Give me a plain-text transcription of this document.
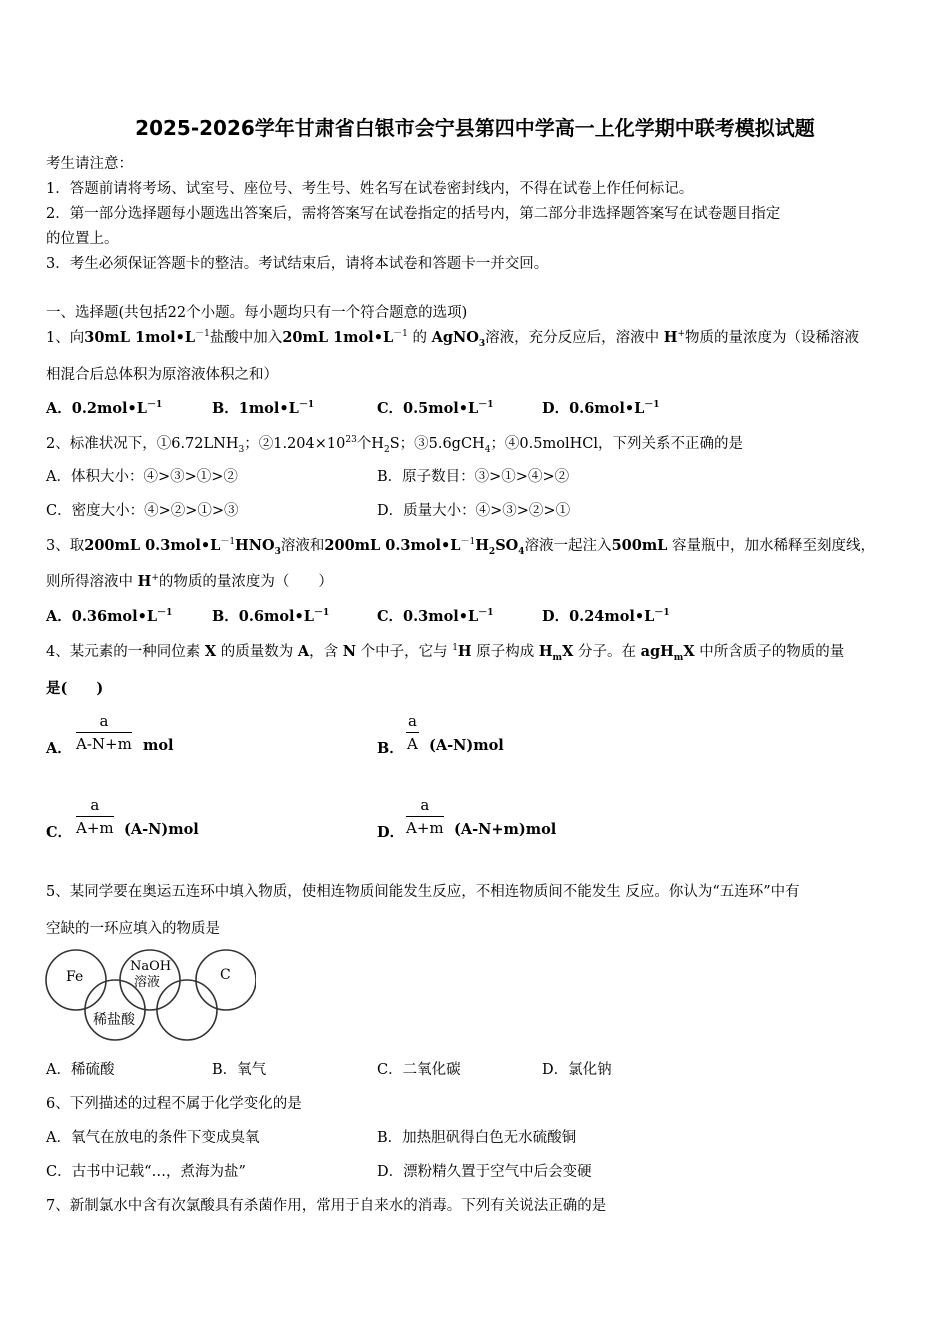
2025-2026学年甘肃省白银市会宁县第四中学高一上化学期中联考模拟试题
考生请注意：
1．答题前请将考场、试室号、座位号、考生号、姓名写在试卷密封线内，不得在试卷上作任何标记。
2．第一部分选择题每小题选出答案后，需将答案写在试卷指定的括号内，第二部分非选择题答案写在试卷题目指定
的位置上。
3．考生必须保证答题卡的整洁。考试结束后，请将本试卷和答题卡一并交回。
一、选择题(共包括22个小题。每小题均只有一个符合题意的选项)
1、向30mL $1mol•L^{-1}$盐酸中加入20mL $1mol•L^{-1}$ 的 AgNO$_3$溶液，充分反应后，溶液中 H+物质的量浓度为（设稀溶液
相混合后总体积为原溶液体积之和）
A．$0.2mol•L^{-1}$	B．$1mol•L^{-1}$	C．$0.5mol•L^{-1}$	D．$0.6mol•L^{-1}$
2、标准状况下，$①6.72LNH_3$；$②1.204\times 10^{23}$个$H_2S$；③5.6gCH$_4$；④0.5molHCl，下列关系不正确的是
A．体积大小：④>③>①>②	B．原子数目：③>①>④>②
C．密度大小：④>②>①>③	D．质量大小：④>③>②>①
3、取200mL $0.3mol•L^{-1}HNO_3$溶液和200mL $0.3mol•L^{-1}H_2SO_4$溶液一起注入500mL 容量瓶中，加水稀释至刻度线，
则所得溶液中 H+的物质的量浓度为（　　）
A．$0.36mol•L^{-1}$	B．$0.6mol•L^{-1}$	C．$0.3mol•L^{-1}$	D．$0.24mol•L^{-1}$
4、某元素的一种同位素 X 的质量数为 A，含 N 个中子，它与 $^1$H 原子构成 $H_mX$ 分子。在 agH$_m$X 中所含质子的物质的量
是(　　)
A． $\frac{a}{A-N+m}$ mol	B． $\frac{a}{A} (A-N)mol$
C． $\frac{a}{A+m} (A-N)mol$	D． $\frac{a}{A+m} (A-N+m)mol$
5、某同学要在奥运五连环中填入物质，使相连物质间能发生反应，不相连物质间不能发生 反应。你认为“五连环”中有
空缺的一环应填入的物质是
Fe
NaOH
溶液	C
稀盐酸
A．稀硫酸	B．氧气	C．二氧化碳	D．氯化钠
6、下列描述的过程不属于化学变化的是
A．氧气在放电的条件下变成臭氧	B．加热胆矾得白色无水硫酸铜
C．古书中记载“…，煮海为盐”	D．漂粉精久置于空气中后会变硬
7、新制氯水中含有次氯酸具有杀菌作用，常用于自来水的消毒。下列有关说法正确的是
